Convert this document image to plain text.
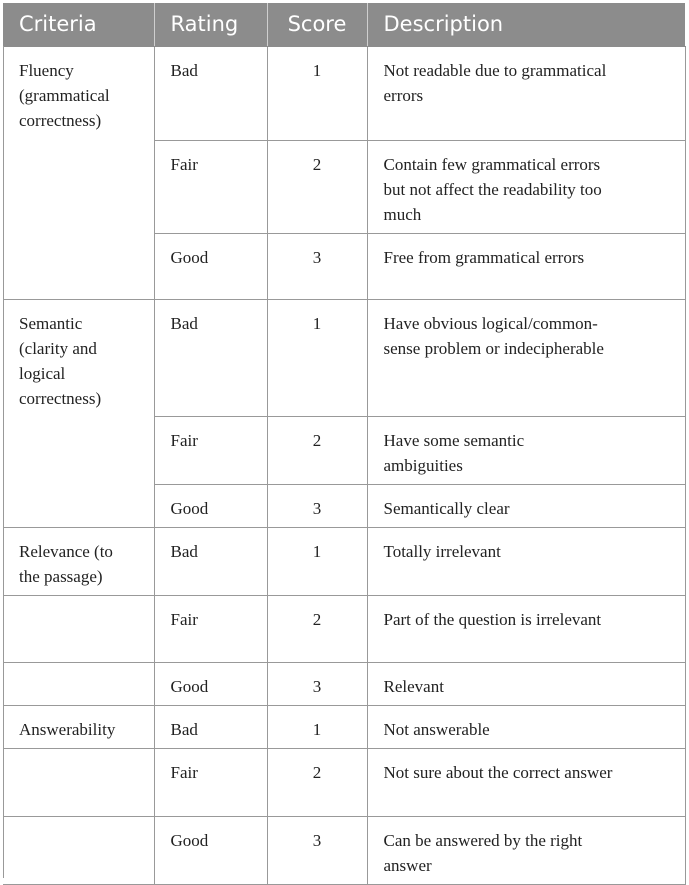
Criteria	Rating	Score	Description
Fluency (grammatical correctness)	Bad	1	Not readable due to grammatical errors
	Fair	2	Contain few grammatical errors but not affect the readability too much
	Good	3	Free from grammatical errors
Semantic (clarity and logical correctness)	Bad	1	Have obvious logical/common-sense problem or indecipherable
	Fair	2	Have some semantic ambiguities
	Good	3	Semantically clear
Relevance (to the passage)	Bad	1	Totally irrelevant
	Fair	2	Part of the question is irrelevant
	Good	3	Relevant
Answerability	Bad	1	Not answerable
	Fair	2	Not sure about the correct answer
	Good	3	Can be answered by the right answer
